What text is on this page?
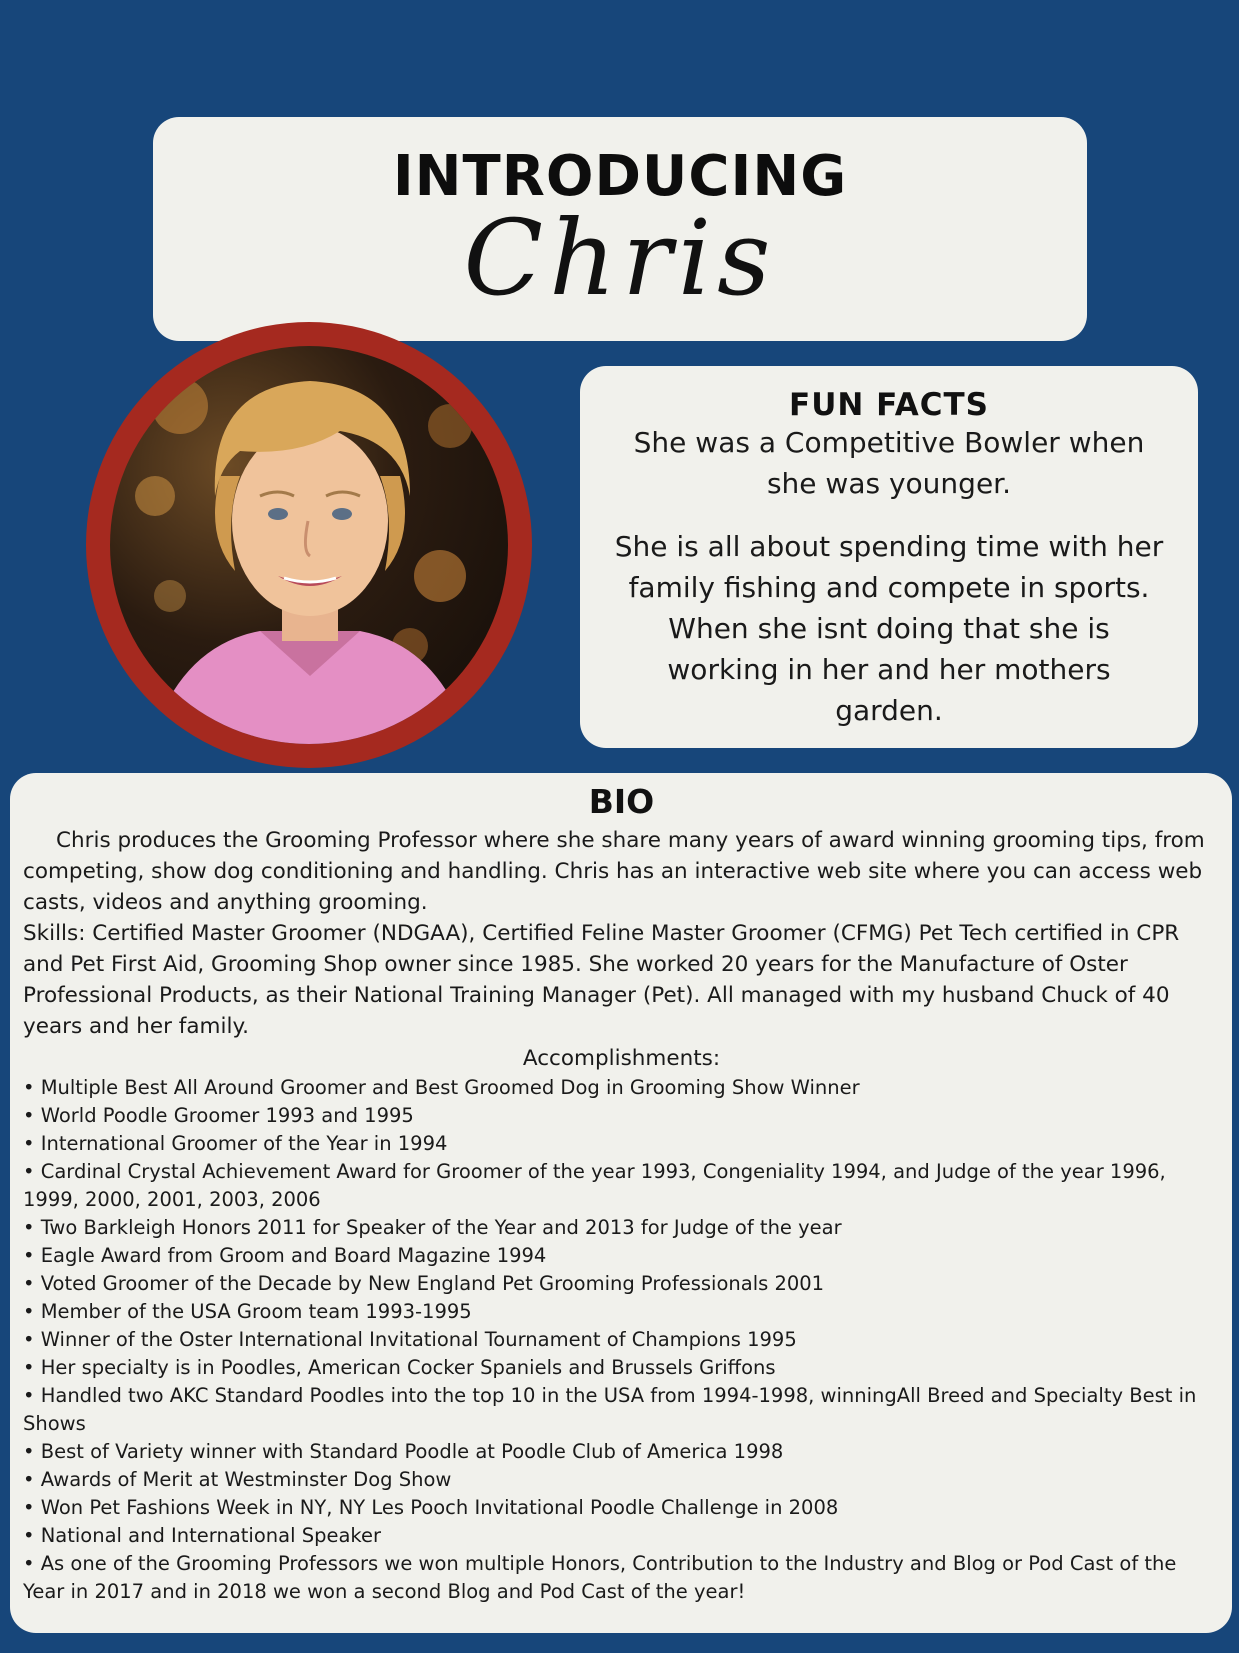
INTRODUCING
Chris
FUN FACTS

She was a Competitive Bowler when she was younger.

She is all about spending time with her family fishing and compete in sports. When she isnt doing that she is working in her and her mothers garden.

BIO

Chris produces the Grooming Professor where she share many years of award winning grooming tips, from competing, show dog conditioning and handling. Chris has an interactive web site where you can access web casts, videos and anything grooming.

Skills: Certified Master Groomer (NDGAA), Certified Feline Master Groomer (CFMG) Pet Tech certified in CPR and Pet First Aid, Grooming Shop owner since 1985. She worked 20 years for the Manufacture of Oster Professional Products, as their National Training Manager (Pet). All managed with my husband Chuck of 40 years and her family.

Accomplishments:
• Multiple Best All Around Groomer and Best Groomed Dog in Grooming Show Winner
• World Poodle Groomer 1993 and 1995
• International Groomer of the Year in 1994
• Cardinal Crystal Achievement Award for Groomer of the year 1993, Congeniality 1994, and Judge of the year 1996, 1999, 2000, 2001, 2003, 2006
• Two Barkleigh Honors 2011 for Speaker of the Year and 2013 for Judge of the year
• Eagle Award from Groom and Board Magazine 1994
• Voted Groomer of the Decade by New England Pet Grooming Professionals 2001
• Member of the USA Groom team 1993-1995
• Winner of the Oster International Invitational Tournament of Champions 1995
• Her specialty is in Poodles, American Cocker Spaniels and Brussels Griffons
• Handled two AKC Standard Poodles into the top 10 in the USA from 1994-1998, winningAll Breed and Specialty Best in Shows
• Best of Variety winner with Standard Poodle at Poodle Club of America 1998
• Awards of Merit at Westminster Dog Show
• Won Pet Fashions Week in NY, NY Les Pooch Invitational Poodle Challenge in 2008
• National and International Speaker
• As one of the Grooming Professors we won multiple Honors, Contribution to the Industry and Blog or Pod Cast of the Year in 2017 and in 2018 we won a second Blog and Pod Cast of the year!
